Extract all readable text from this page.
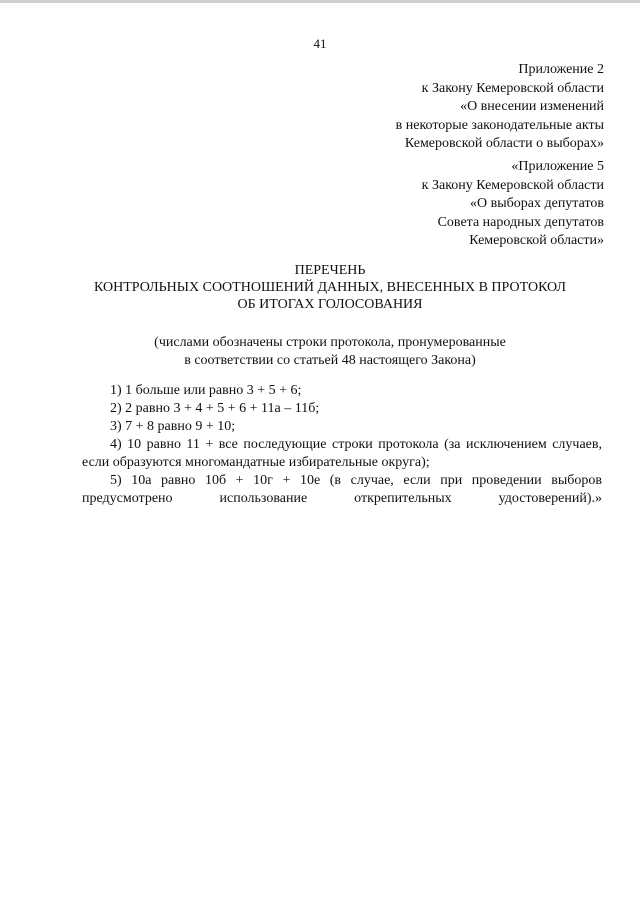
41
Приложение 2
к Закону Кемеровской области
«О внесении изменений
в некоторые законодательные акты
Кемеровской области о выборах»
«Приложение 5
к Закону Кемеровской области
«О выборах депутатов
Совета народных депутатов
Кемеровской области»
ПЕРЕЧЕНЬ
КОНТРОЛЬНЫХ СООТНОШЕНИЙ ДАННЫХ, ВНЕСЕННЫХ В ПРОТОКОЛ
ОБ ИТОГАХ ГОЛОСОВАНИЯ
(числами обозначены строки протокола, пронумерованные
в соответствии со статьей 48 настоящего Закона)
1) 1 больше или равно 3 + 5 + 6;
2) 2 равно 3 + 4 + 5 + 6 + 11а – 11б;
3) 7 + 8 равно 9 + 10;
4) 10 равно 11 + все последующие строки протокола (за исключением случаев, если образуются многомандатные избирательные округа);
5) 10а равно 10б + 10г + 10е (в случае, если при проведении выборов предусмотрено использование открепительных удостоверений).»
